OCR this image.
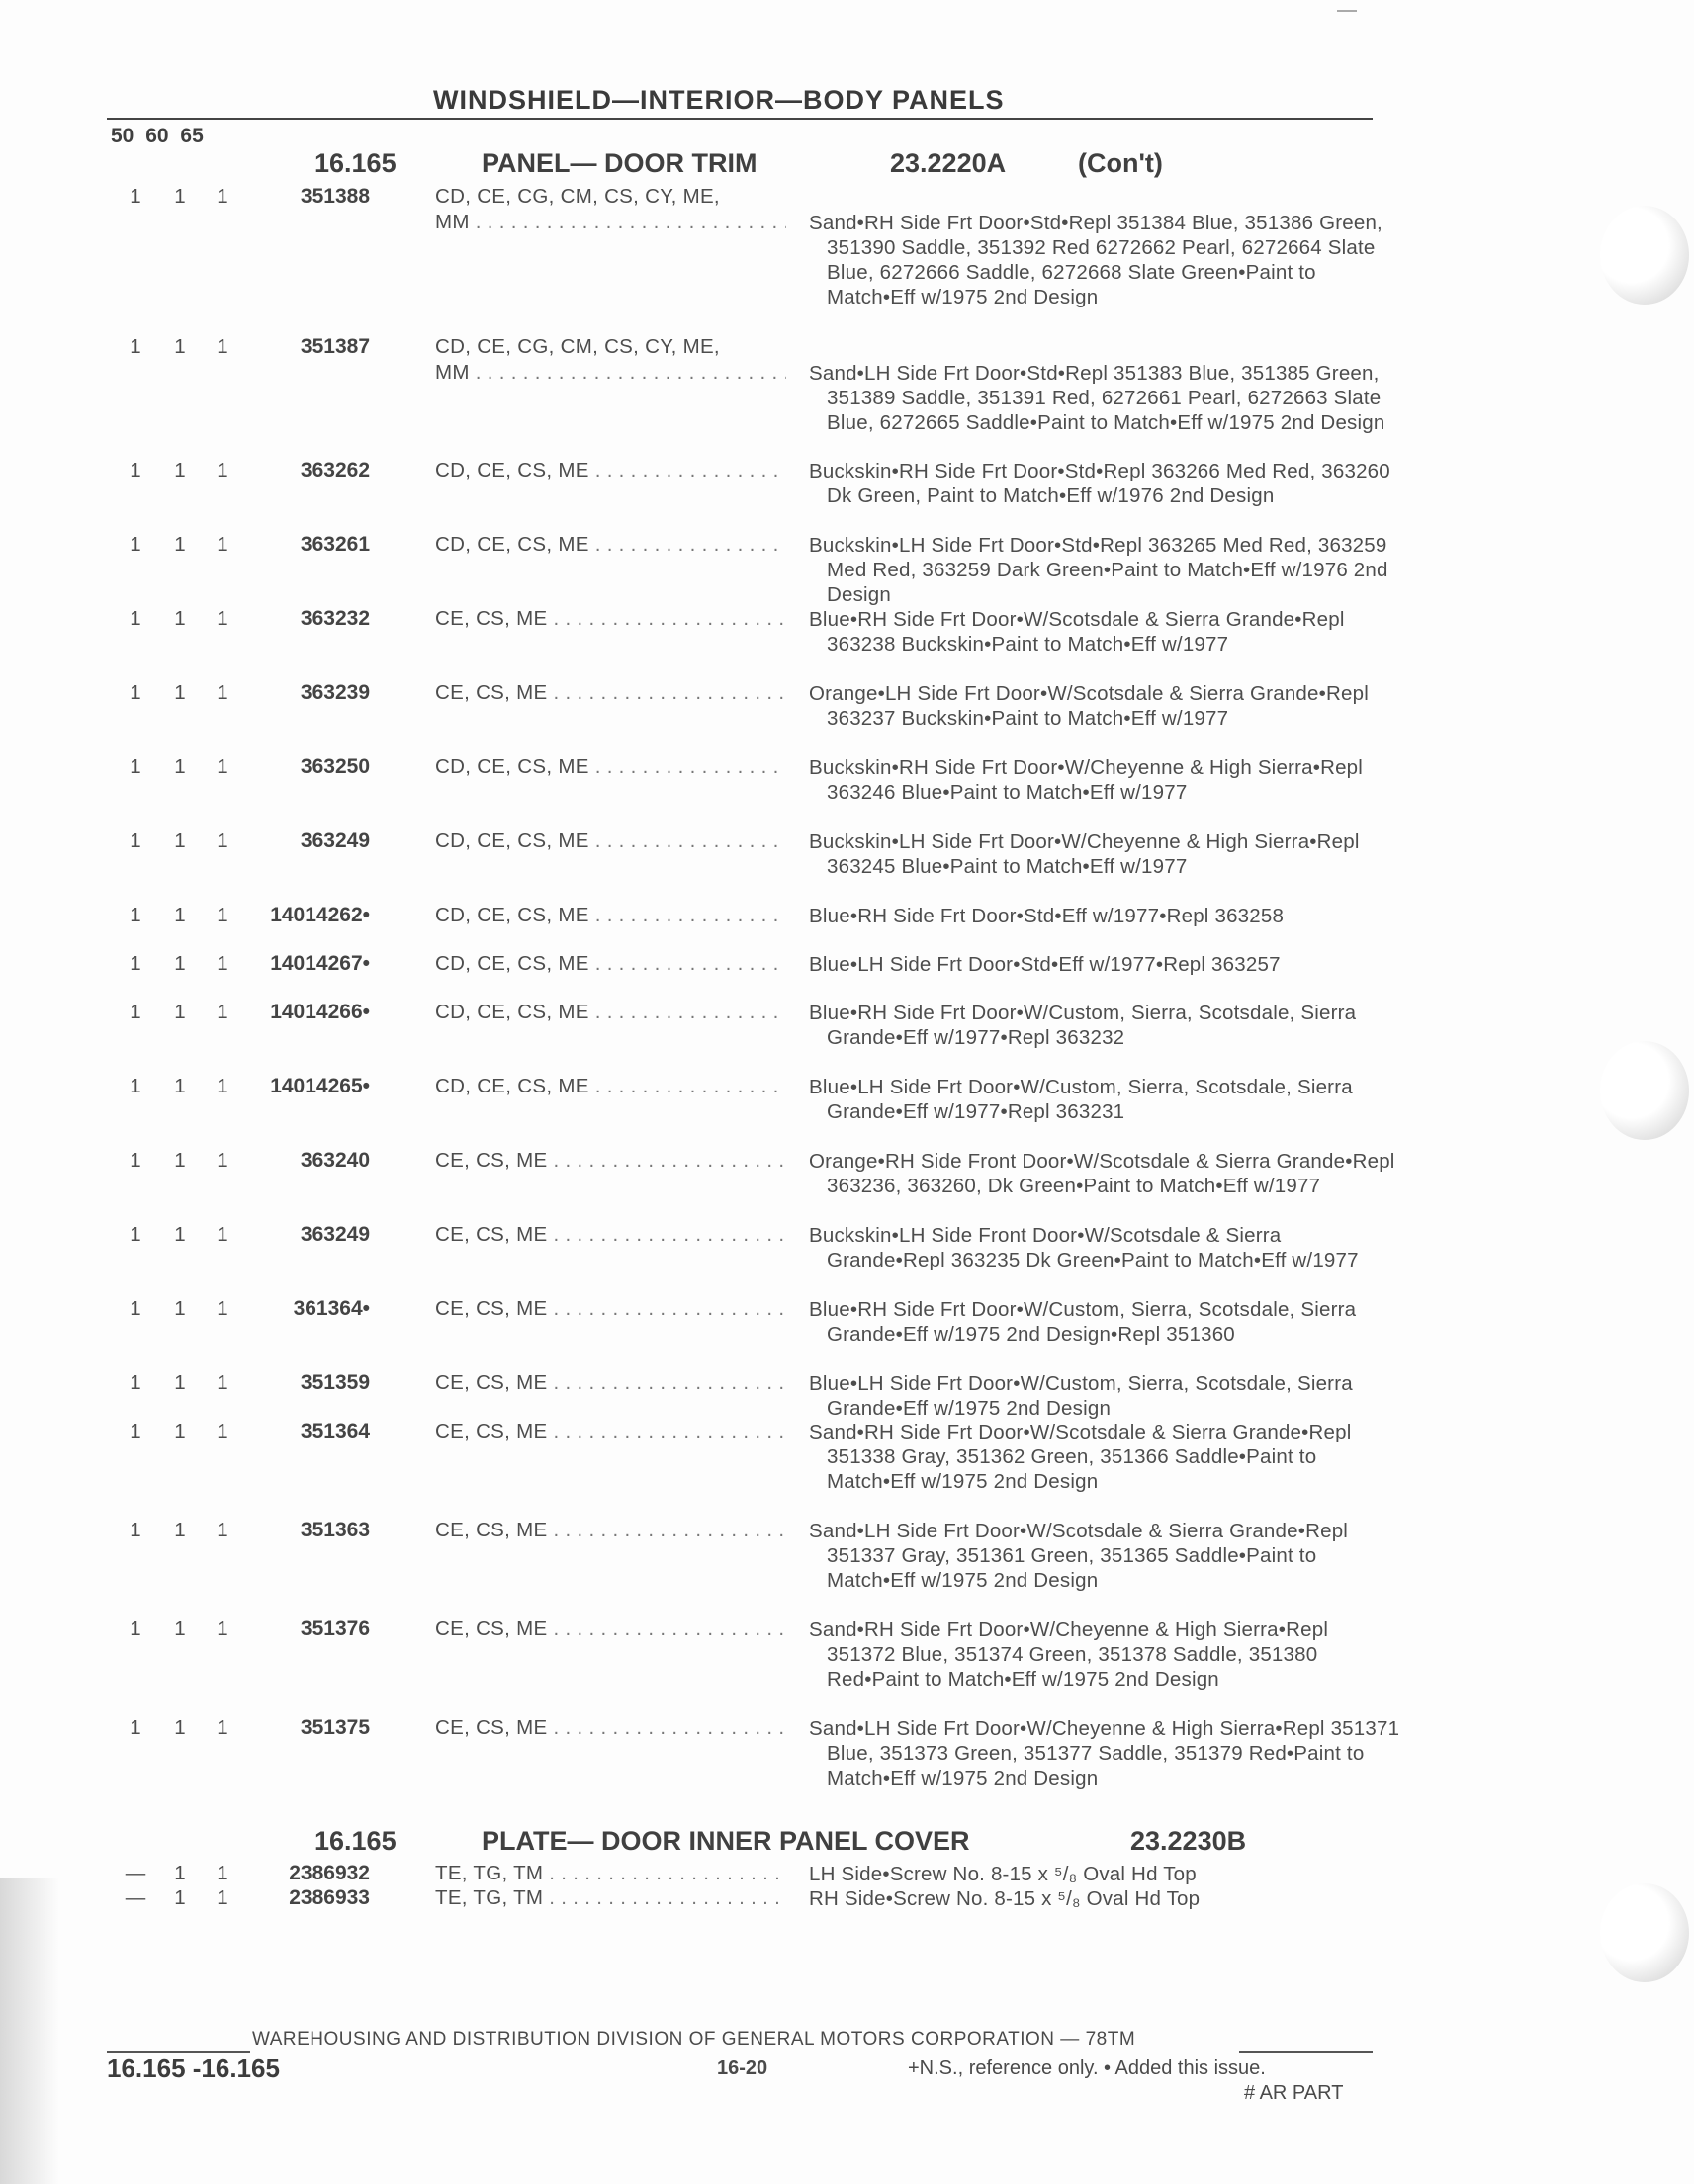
WINDSHIELD—INTERIOR—BODY PANELS
50 60 65
16.165	PANEL— DOOR TRIM	23.2220A	(Con't)
1	1	1	351388	CD, CE, CG, CM, CS, CY, ME,
MM . . .	Sand•RH Side Frt Door•Std•Repl 351384 Blue, 351386 Green, 351390 Saddle, 351392 Red 6272662 Pearl, 6272664 Slate Blue, 6272666 Saddle, 6272668 Slate Green•Paint to Match•Eff w/1975 2nd Design
1	1	1	351387	CD, CE, CG, CM, CS, CY, ME,
MM . . .	Sand•LH Side Frt Door•Std•Repl 351383 Blue, 351385 Green, 351389 Saddle, 351391 Red, 6272661 Pearl, 6272663 Slate Blue, 6272665 Saddle•Paint to Match•Eff w/1975 2nd Design
1	1	1	363262	CD, CE, CS, ME . . .	Buckskin•RH Side Frt Door•Std•Repl 363266 Med Red, 363260 Dk Green, Paint to Match•Eff w/1976 2nd Design
1	1	1	363261	CD, CE, CS, ME . . .	Buckskin•LH Side Frt Door•Std•Repl 363265 Med Red, 363259 Med Red, 363259 Dark Green•Paint to Match•Eff w/1976 2nd Design
1	1	1	363232	CE, CS, ME . . .	Blue•RH Side Frt Door•W/Scotsdale & Sierra Grande•Repl 363238 Buckskin•Paint to Match•Eff w/1977
1	1	1	363239	CE, CS, ME . . .	Orange•LH Side Frt Door•W/Scotsdale & Sierra Grande•Repl 363237 Buckskin•Paint to Match•Eff w/1977
1	1	1	363250	CD, CE, CS, ME . . .	Buckskin•RH Side Frt Door•W/Cheyenne & High Sierra•Repl 363246 Blue•Paint to Match•Eff w/1977
1	1	1	363249	CD, CE, CS, ME . . .	Buckskin•LH Side Frt Door•W/Cheyenne & High Sierra•Repl 363245 Blue•Paint to Match•Eff w/1977
1	1	1	14014262•	CD, CE, CS, ME . . .	Blue•RH Side Frt Door•Std•Eff w/1977•Repl 363258
1	1	1	14014267•	CD, CE, CS, ME . . .	Blue•LH Side Frt Door•Std•Eff w/1977•Repl 363257
1	1	1	14014266•	CD, CE, CS, ME . . .	Blue•RH Side Frt Door•W/Custom, Sierra, Scotsdale, Sierra Grande•Eff w/1977•Repl 363232
1	1	1	14014265•	CD, CE, CS, ME . . .	Blue•LH Side Frt Door•W/Custom, Sierra, Scotsdale, Sierra Grande•Eff w/1977•Repl 363231
1	1	1	363240	CE, CS, ME . . .	Orange•RH Side Front Door•W/Scotsdale & Sierra Grande•Repl 363236, 363260, Dk Green•Paint to Match•Eff w/1977
1	1	1	363249	CE, CS, ME . . .	Buckskin•LH Side Front Door•W/Scotsdale & Sierra Grande•Repl 363235 Dk Green•Paint to Match•Eff w/1977
1	1	1	361364•	CE, CS, ME . . .	Blue•RH Side Frt Door•W/Custom, Sierra, Scotsdale, Sierra Grande•Eff w/1975 2nd Design•Repl 351360
1	1	1	351359	CE, CS, ME . . .	Blue•LH Side Frt Door•W/Custom, Sierra, Scotsdale, Sierra Grande•Eff w/1975 2nd Design
1	1	1	351364	CE, CS, ME . . .	Sand•RH Side Frt Door•W/Scotsdale & Sierra Grande•Repl 351338 Gray, 351362 Green, 351366 Saddle•Paint to Match•Eff w/1975 2nd Design
1	1	1	351363	CE, CS, ME . . .	Sand•LH Side Frt Door•W/Scotsdale & Sierra Grande•Repl 351337 Gray, 351361 Green, 351365 Saddle•Paint to Match•Eff w/1975 2nd Design
1	1	1	351376	CE, CS, ME . . .	Sand•RH Side Frt Door•W/Cheyenne & High Sierra•Repl 351372 Blue, 351374 Green, 351378 Saddle, 351380 Red•Paint to Match•Eff w/1975 2nd Design
1	1	1	351375	CE, CS, ME . . .	Sand•LH Side Frt Door•W/Cheyenne & High Sierra•Repl 351371 Blue, 351373 Green, 351377 Saddle, 351379 Red•Paint to Match•Eff w/1975 2nd Design
—	1	1	2386932	TE, TG, TM . . .	LH Side•Screw No. 8-15 x ⁵/₈ Oval Hd Top
—	1	1	2386933	TE, TG, TM . . .	RH Side•Screw No. 8-15 x ⁵/₈ Oval Hd Top
16.165	PLATE— DOOR INNER PANEL COVER	23.2230B
WAREHOUSING AND DISTRIBUTION DIVISION OF GENERAL MOTORS CORPORATION — 78TM
16.165 -16.165	16-20	+N.S., reference only. • Added this issue.
# AR PART
